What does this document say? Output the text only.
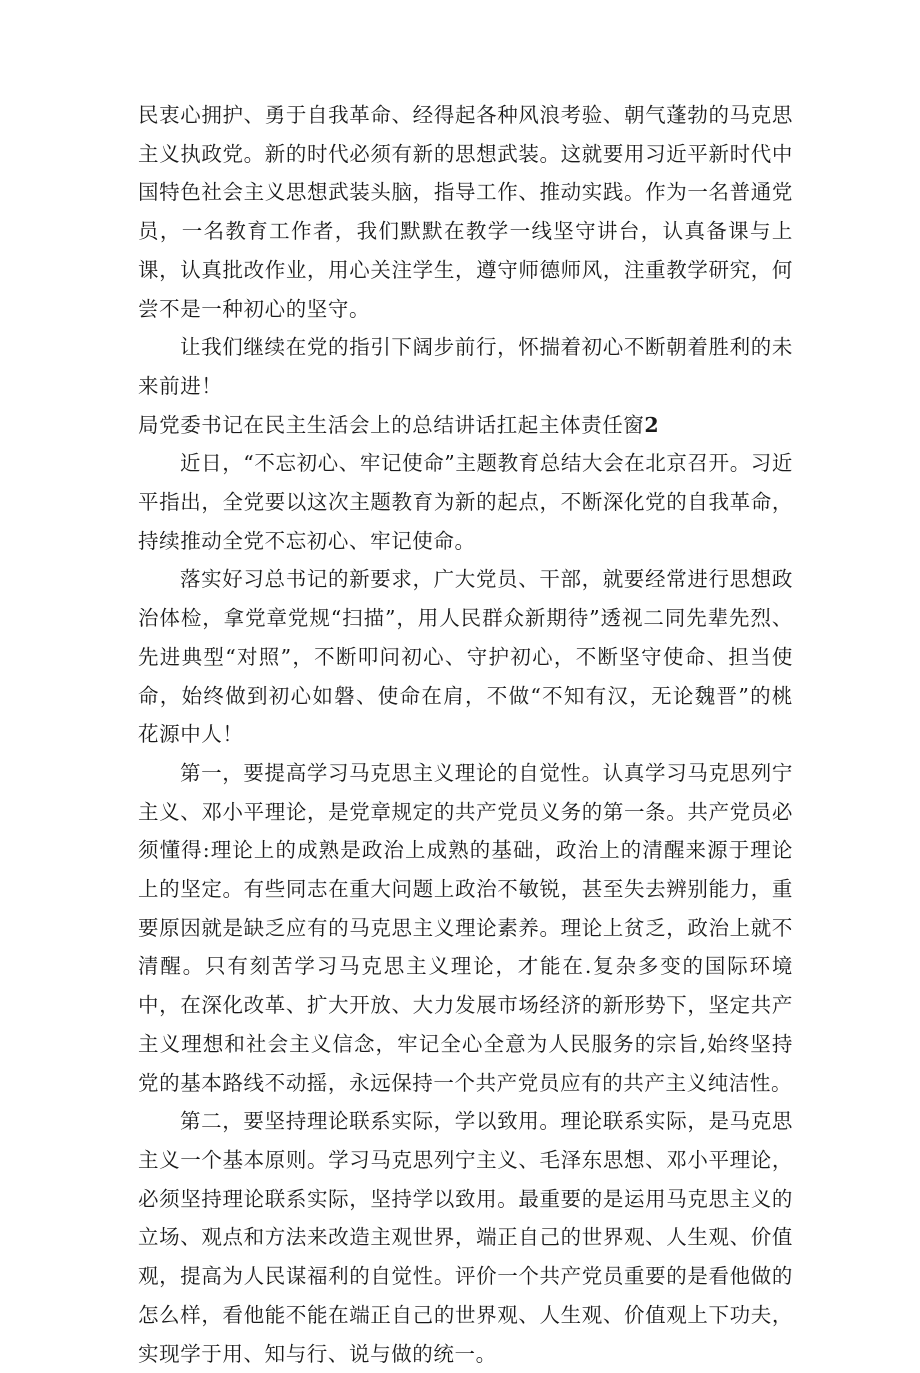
民衷心拥护、勇于自我革命、经得起各种风浪考验、朝气蓬勃的马克思主义执政党。新的时代必须有新的思想武装。这就要用习近平新时代中国特色社会主义思想武装头脑，指导工作、推动实践。作为一名普通党员，一名教育工作者，我们默默在教学一线坚守讲台，认真备课与上课，认真批改作业，用心关注学生，遵守师德师风，注重教学研究，何尝不是一种初心的坚守。

让我们继续在党的指引下阔步前行，怀揣着初心不断朝着胜利的未来前进！

局党委书记在民主生活会上的总结讲话扛起主体责任窗2

近日，“不忘初心、牢记使命”主题教育总结大会在北京召开。习近平指出，全党要以这次主题教育为新的起点，不断深化党的自我革命，持续推动全党不忘初心、牢记使命。

落实好习总书记的新要求，广大党员、干部，就要经常进行思想政治体检，拿党章党规“扫描”，用人民群众新期待”透视二同先辈先烈、先进典型“对照”，不断叩问初心、守护初心，不断坚守使命、担当使命，始终做到初心如磐、使命在肩，不做“不知有汉，无论魏晋”的桃花源中人！

第一，要提高学习马克思主义理论的自觉性。认真学习马克思列宁主义、邓小平理论，是党章规定的共产党员义务的第一条。共产党员必须懂得:理论上的成熟是政治上成熟的基础，政治上的清醒来源于理论上的坚定。有些同志在重大问题上政治不敏锐，甚至失去辨别能力，重要原因就是缺乏应有的马克思主义理论素养。理论上贫乏，政治上就不清醒。只有刻苦学习马克思主义理论，才能在.复杂多变的国际环境中，在深化改革、扩大开放、大力发展市场经济的新形势下，坚定共产主义理想和社会主义信念，牢记全心全意为人民服务的宗旨,始终坚持党的基本路线不动摇，永远保持一个共产党员应有的共产主义纯洁性。

第二，要坚持理论联系实际，学以致用。理论联系实际，是马克思主义一个基本原则。学习马克思列宁主义、毛泽东思想、邓小平理论，必须坚持理论联系实际，坚持学以致用。最重要的是运用马克思主义的立场、观点和方法来改造主观世界，端正自己的世界观、人生观、价值观，提高为人民谋福利的自觉性。评价一个共产党员重要的是看他做的怎么样，看他能不能在端正自己的世界观、人生观、价值观上下功夫，实现学于用、知与行、说与做的统一。
